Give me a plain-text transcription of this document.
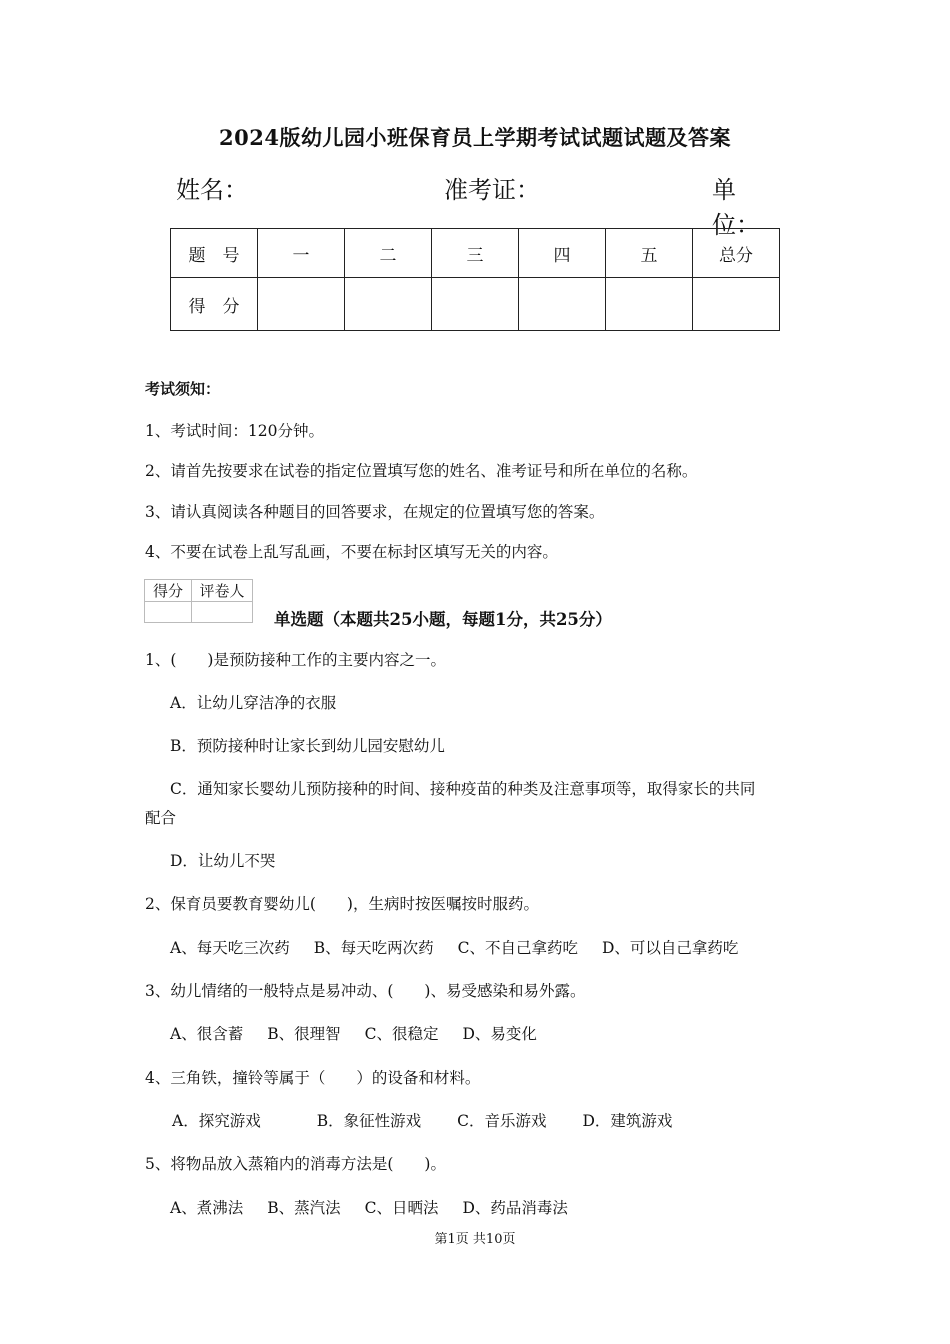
2024版幼儿园小班保育员上学期考试试题试题及答案
姓名：	准考证：	单位：
题　号	一	二	三	四	五	总分
得　分						
考试须知：
1、考试时间：120分钟。
2、请首先按要求在试卷的指定位置填写您的姓名、准考证号和所在单位的名称。
3、请认真阅读各种题目的回答要求，在规定的位置填写您的答案。
4、不要在试卷上乱写乱画，不要在标封区填写无关的内容。
得分	评卷人

单选题（本题共25小题，每题1分，共25分）
1、(　　)是预防接种工作的主要内容之一。
A．让幼儿穿洁净的衣服
B．预防接种时让家长到幼儿园安慰幼儿
C．通知家长婴幼儿预防接种的时间、接种疫苗的种类及注意事项等，取得家长的共同
配合
D．让幼儿不哭
2、保育员要教育婴幼儿(　　)，生病时按医嘱按时服药。
A、每天吃三次药 B、每天吃两次药 C、不自己拿药吃 D、可以自己拿药吃
3、幼儿情绪的一般特点是易冲动、(　　)、易受感染和易外露。
A、很含蓄 B、很理智 C、很稳定 D、易变化
4、三角铁，撞铃等属于（　　）的设备和材料。
A．探究游戏	B．象征性游戏 C．音乐游戏 D．建筑游戏
5、将物品放入蒸箱内的消毒方法是(　　)。
A、煮沸法 B、蒸汽法 C、日晒法 D、药品消毒法
第1页 共10页
